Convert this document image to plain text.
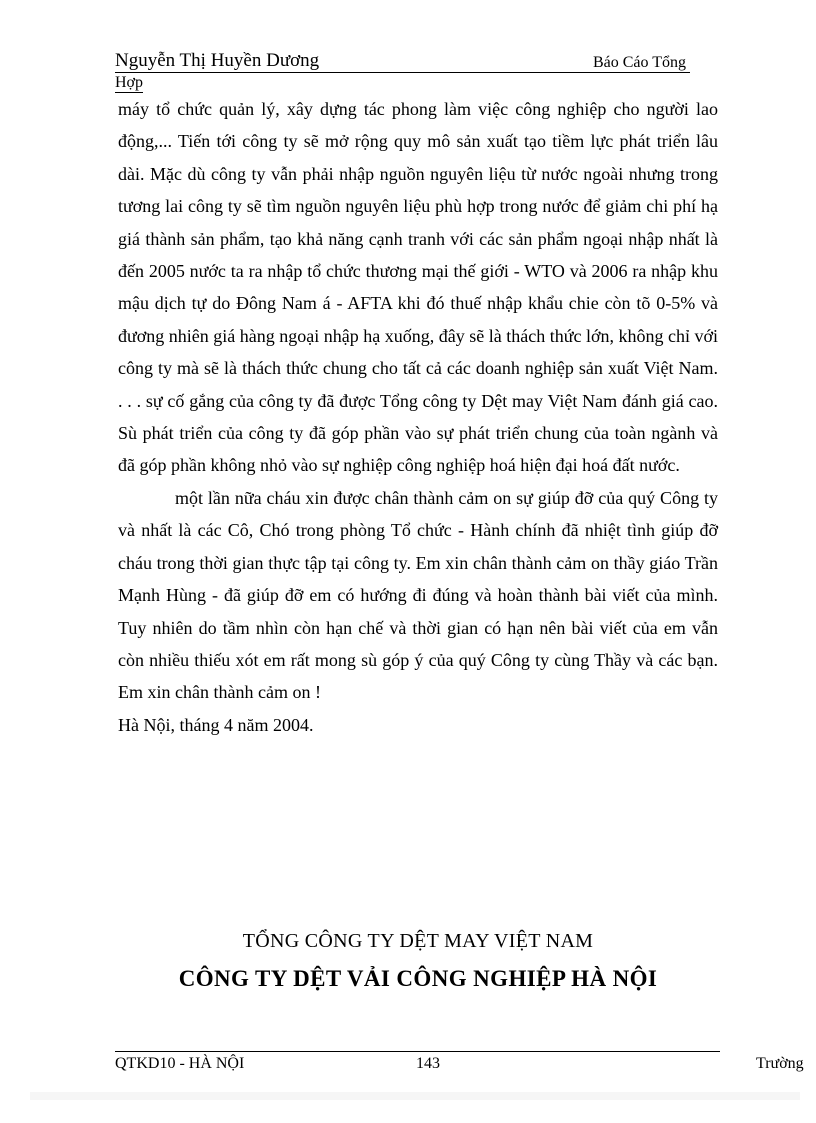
Nguyễn Thị Huyền Dương	Báo Cáo Tổng
Hợp

máy tổ chức quản lý, xây dựng tác phong làm việc công nghiệp cho người lao động,... Tiến tới công ty sẽ mở rộng quy mô sản xuất tạo tiềm lực phát triển lâu dài. Mặc dù công ty vẫn phải nhập nguồn nguyên liệu từ nước ngoài nhưng trong tương lai công ty sẽ tìm nguồn nguyên liệu phù hợp trong nước để giảm chi phí hạ giá thành sản phẩm, tạo khả năng cạnh tranh với các sản phẩm ngoại nhập nhất là đến 2005 nước ta ra nhập tổ chức thương mại thế giới - WTO và 2006 ra nhập khu mậu dịch tự do Đông Nam á - AFTA khi đó thuế nhập khẩu chie còn tõ 0-5% và đương nhiên giá hàng ngoại nhập hạ xuống, đây sẽ là thách thức lớn, không chỉ với công ty mà sẽ là thách thức chung cho tất cả các doanh nghiệp sản xuất Việt Nam. . . . sự cố gắng của công ty đã được Tổng công ty Dệt may Việt Nam đánh giá cao. Sù phát triển của công ty đã góp phần vào sự phát triển chung của toàn ngành và đã góp phần không nhỏ vào sự nghiệp công nghiệp hoá hiện đại hoá đất nước.

một lần nữa cháu xin được chân thành cảm on sự giúp đỡ của quý Công ty và nhất là các Cô, Chó trong phòng Tổ chức - Hành chính đã nhiệt tình giúp đỡ cháu trong thời gian thực tập tại công ty. Em xin chân thành cảm on thầy giáo Trần Mạnh Hùng - đã giúp đỡ em có hướng đi đúng và hoàn thành bài viết của mình. Tuy nhiên do tầm nhìn còn hạn chế và thời gian có hạn nên bài viết của em vẫn còn nhiều thiếu xót em rất mong sù góp ý của quý Công ty cùng Thầy và các bạn. Em xin chân thành cảm on !

Hà Nội, tháng 4 năm 2004.

TỔNG CÔNG TY DỆT MAY VIỆT NAM
CÔNG TY DỆT VẢI CÔNG NGHIỆP HÀ NỘI
QTKD10 - HÀ NỘI	143	Trường
